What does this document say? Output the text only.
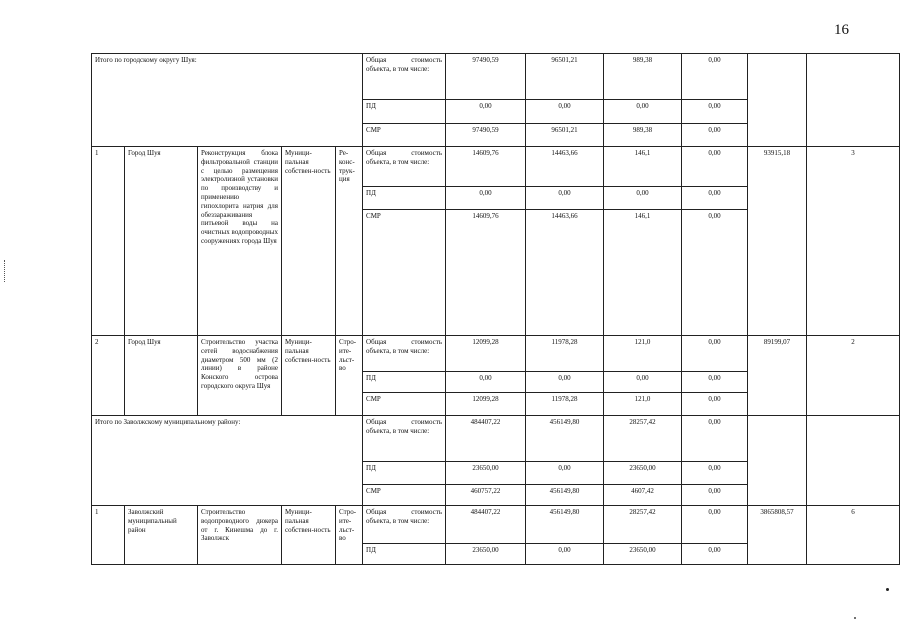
16
Итого по городскому округу Шуя:					Общая стоимость объекта, в том числе:	97490,59	96501,21	989,38	0,00		
					ПД	0,00	0,00	0,00	0,00		
					СМР	97490,59	96501,21	989,38	0,00		
1	Город Шуя	Реконструкция блока фильтровальной станции с целью размещения электролизной установки по производству и применению гипохлорита натрия для обеззараживания питьевой воды на очистных водопроводных сооружениях города Шуя	Муници-пальная собствен-ность	Ре-конс-трук-ция	Общая стоимость объекта, в том числе:	14609,76	14463,66	146,1	0,00	93915,18	3
					ПД	0,00	0,00	0,00	0,00		
					СМР	14609,76	14463,66	146,1	0,00		
2	Город Шуя	Строительство участка сетей водоснабжения диаметром 500 мм (2 линии) в районе Конского острова городского округа Шуя	Муници-пальная собствен-ность	Стро-ите-льст-во	Общая стоимость объекта, в том числе:	12099,28	11978,28	121,0	0,00	89199,07	2
					ПД	0,00	0,00	0,00	0,00		
					СМР	12099,28	11978,28	121,0	0,00		
Итого по Заволжскому муниципальному району:					Общая стоимость объекта, в том числе:	484407,22	456149,80	28257,42	0,00		
					ПД	23650,00	0,00	23650,00	0,00		
					СМР	460757,22	456149,80	4607,42	0,00		
1	Заволжский муниципальный район	Строительство водопроводного дюкера от г. Кинешма до г. Заволжск	Муници-пальная собствен-ность	Стро-ите-льст-во	Общая стоимость объекта, в том числе:	484407,22	456149,80	28257,42	0,00	3865808,57	6
					ПД	23650,00	0,00	23650,00	0,00		
